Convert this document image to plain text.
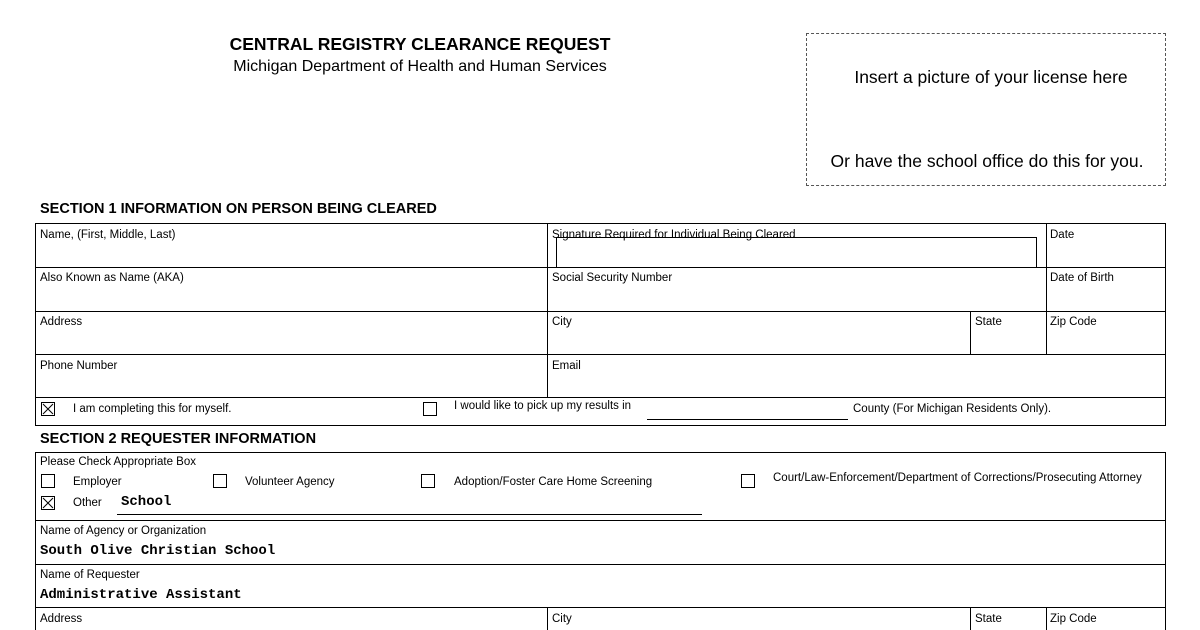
CENTRAL REGISTRY CLEARANCE REQUEST
Michigan Department of Health and Human Services
Insert a picture of your license here
Or have the school office do this for you.
SECTION 1 INFORMATION ON PERSON BEING CLEARED
Name, (First, Middle, Last)	Signature Required for Individual Being Cleared	Date
Also Known as Name (AKA)	Social Security Number	Date of Birth
Address	City	State	Zip Code
Phone Number	Email
I am completing this for myself.	I would like to pick up my results in	County (For Michigan Residents Only).
SECTION 2 REQUESTER INFORMATION
Please Check Appropriate Box
Employer	Volunteer Agency	Adoption/Foster Care Home Screening	Court/Law-Enforcement/Department of Corrections/Prosecuting Attorney
Other School
Name of Agency or Organization
South Olive Christian School
Name of Requester
Administrative Assistant
Address	City	State	Zip Code
